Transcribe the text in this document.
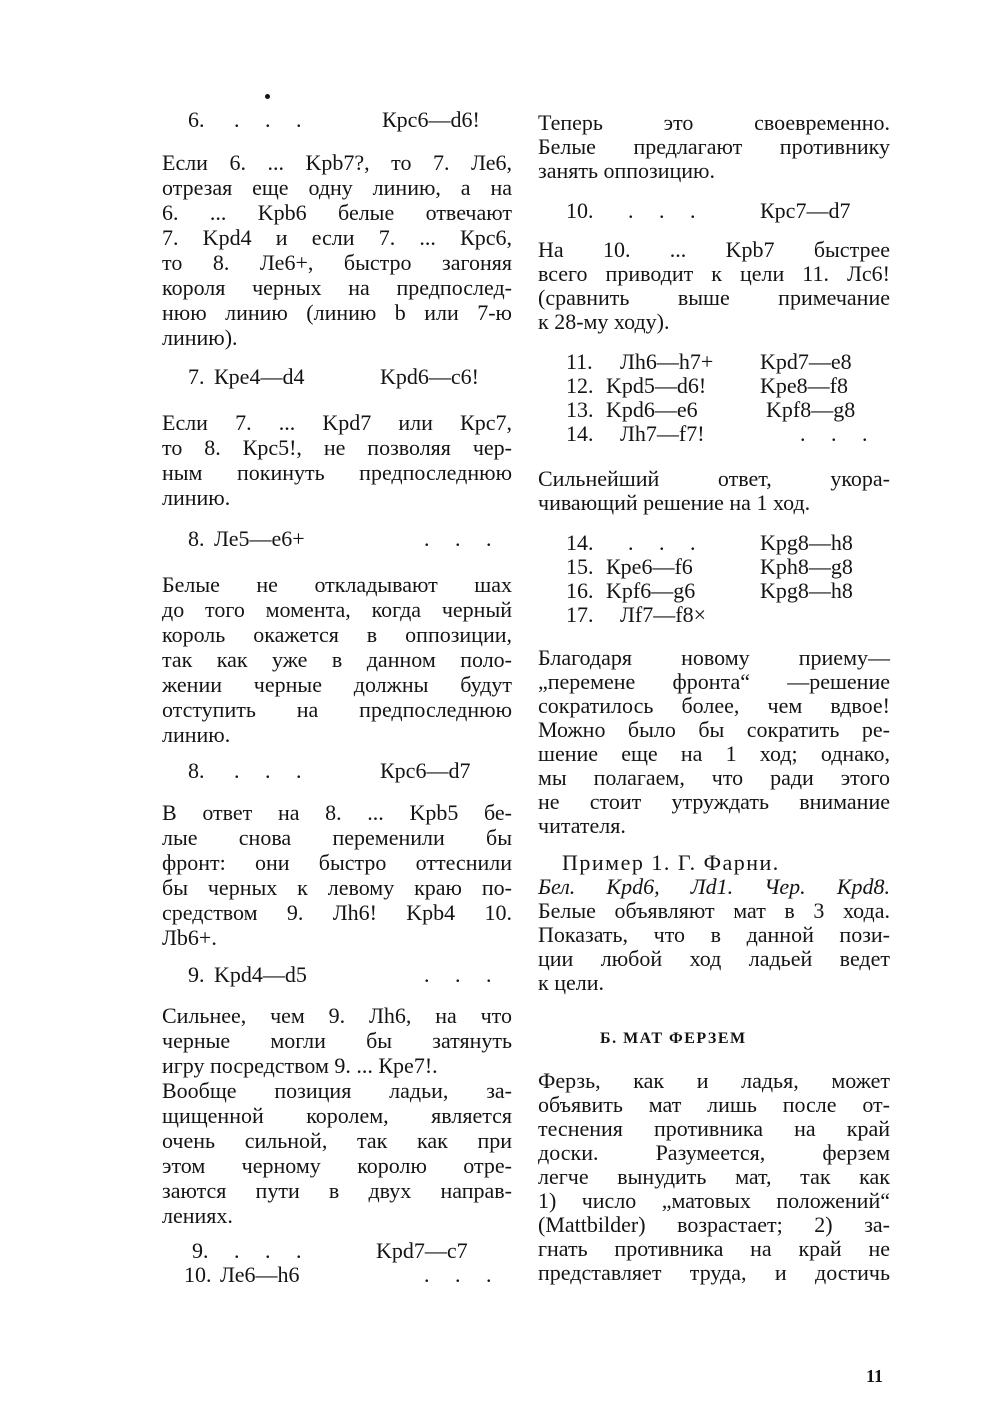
6. . . .	Крс6—d6!
Если 6. ... Kpb7?, то 7. Ле6,
отрезая еще одну линию, а на
6. ... Kpb6 белые отвечают
7. Kpd4 и если 7. ... Крс6,
то 8. Ле6+, быстро загоняя
короля черных на предпослед-
нюю линию (линию b или 7-ю
линию).
7. Кре4—d4	Kpd6—c6!
Если 7. ... Kpd7 или Крс7,
то 8. Крс5!, не позволяя чер-
ным покинуть предпоследнюю
линию.
8. Ле5—е6+	. . .
Белые не откладывают шах
до того момента, когда черный
король окажется в оппозиции,
так как уже в данном поло-
жении черные должны будут
отступить на предпоследнюю
линию.
8. . . .	Крс6—d7
В ответ на 8. ... Kpb5 бе-
лые снова переменили бы
фронт: они быстро оттеснили
бы черных к левому краю по-
средством 9. Лh6! Kpb4 10.
Лb6+.
9. Kpd4—d5	. . .
Сильнее, чем 9. Лh6, на что
черные могли бы затянуть
игру посредством 9. ... Кре7!.
Вообще позиция ладьи, за-
щищенной королем, является
очень сильной, так как при
этом черному королю отре-
заются пути в двух направ-
лениях.
9. . . .	Kpd7—c7
10. Ле6—h6	. . .
Теперь это своевременно.
Белые предлагают противнику
занять оппозицию.
10. . . . Крс7—d7
На 10. ... Kpb7 быстрее
всего приводит к цели 11. Лс6!
(сравнить выше примечание
к 28-му ходу).
11. Лh6—h7+ Kpd7—e8
12. Kpd5—d6! Kpe8—f8
13. Kpd6—e6	Kpf8—g8
14. Лh7—f7!	. . .
Сильнейший ответ, укора-
чивающий решение на 1 ход.
14. . . . Kpg8—h8
15. Кре6—f6	Kph8—g8
16. Kpf6—g6	Kpg8—h8
17. Лf7—f8×
Благодаря новому приему—
„перемене фронта“ —решение
сократилось более, чем вдвое!
Можно было бы сократить ре-
шение еще на 1 ход; однако,
мы полагаем, что ради этого
не стоит утруждать внимание
читателя.
Пример 1. Г. Фарни.
Бел. Kpd6, Лd1. Чер. Kpd8.
Белые объявляют мат в 3 хода.
Показать, что в данной пози-
ции любой ход ладьей ведет
к цели.
Ферзь, как и ладья, может
объявить мат лишь после от-
теснения противника на край
доски. Разумеется, ферзем
легче вынудить мат, так как
1) число „матовых положений“
(Mattbilder) возрастает; 2) за-
гнать противника на край не
представляет труда, и достичь
Б. МАТ ФЕРЗЕМ
11
